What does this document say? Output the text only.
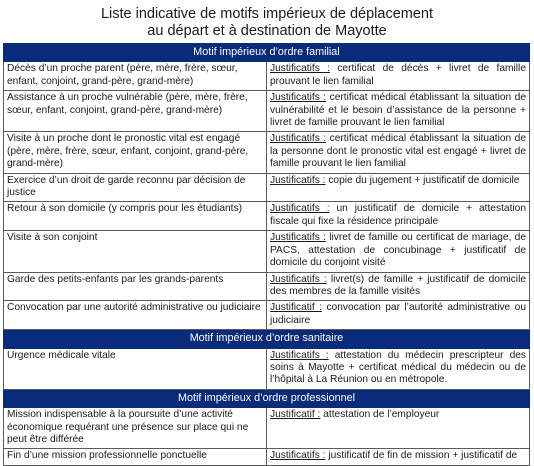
Liste indicative de motifs impérieux de déplacement
au départ et à destination de Mayotte
Motif impérieux d’ordre familial	
Décès d’un proche parent (père, mère, frère, sœur, enfant, conjoint, grand-père, grand-mère)	Justificatifs : certificat de décès + livret de famille prouvant le lien familial
Assistance à un proche vulnérable (père, mère, frère, sœur, enfant, conjoint, grand-père, grand-mère)	Justificatifs : certificat médical établissant la situation de vulnérabilité et le besoin d’assistance de la personne + livret de famille prouvant le lien familial
Visite à un proche dont le pronostic vital est engagé (père, mère, frère, sœur, enfant, conjoint, grand-père, grand-mère)	Justificatifs : certificat médical établissant la situation de la personne dont le pronostic vital est engagé + livret de famille prouvant le lien familial
Exercice d’un droit de garde reconnu par décision de justice	Justificatifs : copie du jugement + justificatif de domicile
Retour à son domicile (y compris pour les étudiants)	Justificatifs : un justificatif de domicile + attestation fiscale qui fixe la résidence principale
Visite à son conjoint	Justificatifs : livret de famille ou certificat de mariage, de PACS, attestation de concubinage + justificatif de domicile du conjoint visité
Garde des petits-enfants par les grands-parents	Justificatifs : livret(s) de famille + justificatif de domicile des membres de la famille visités
Convocation par une autorité administrative ou judiciaire	Justificatif : convocation par l’autorité administrative ou judiciaire
Motif impérieux d’ordre sanitaire	
Urgence médicale vitale	Justificatifs : attestation du médecin prescripteur des soins à Mayotte + certificat médical du médecin ou de l’hôpital à La Réunion ou en métropole.
Motif impérieux d’ordre professionnel	
Mission indispensable à la poursuite d’une activité économique requérant une présence sur place qui ne peut être différée	Justificatif : attestation de l’employeur
Fin d’une mission professionnelle ponctuelle	Justificatifs : justificatif de fin de mission + justificatif de
